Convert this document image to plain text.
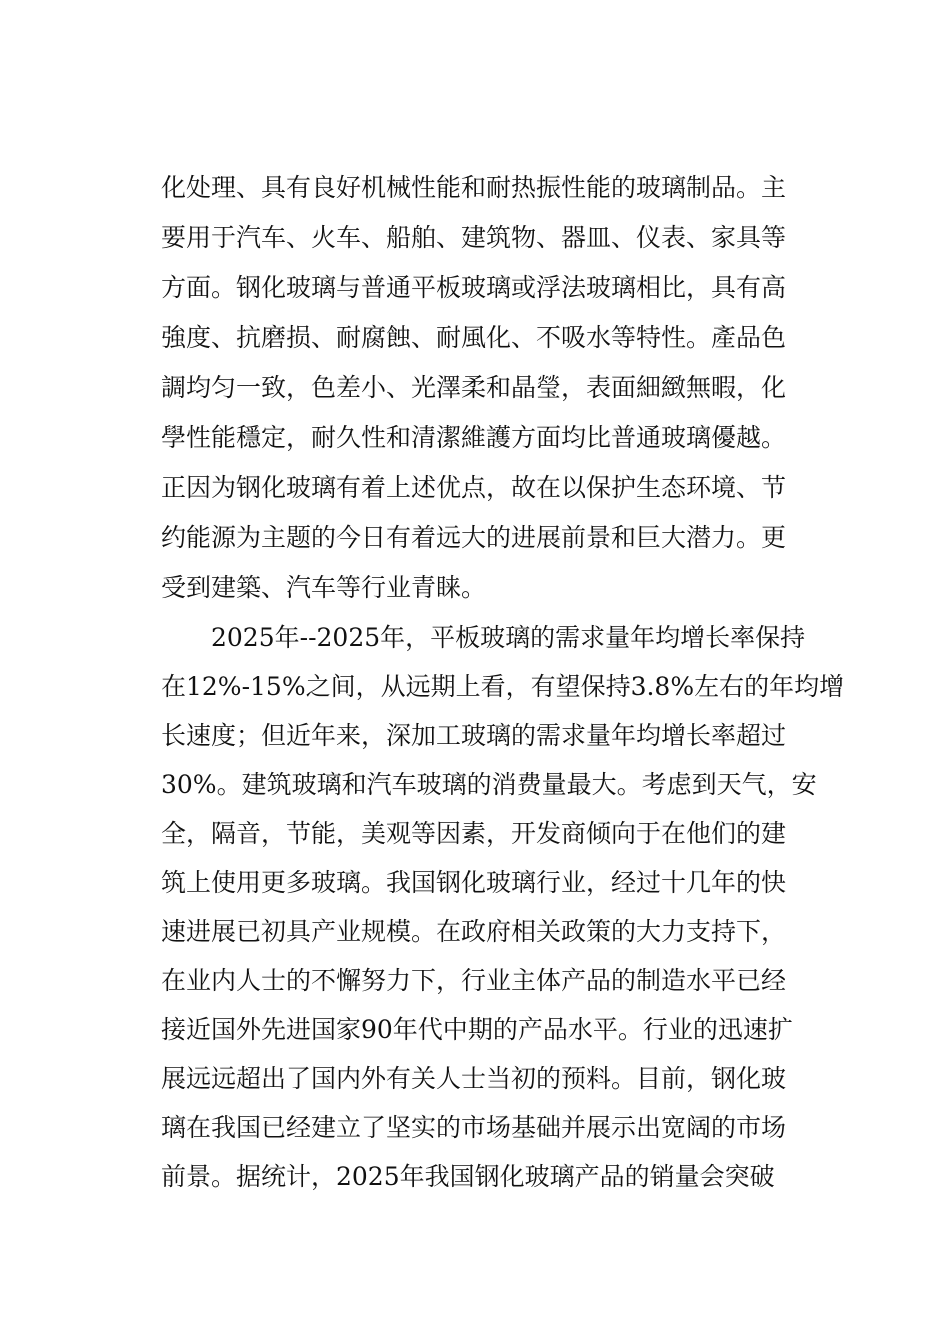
化处理、具有良好机械性能和耐热振性能的玻璃制品。主
要用于汽车、火车、船舶、建筑物、器皿、仪表、家具等
方面。钢化玻璃与普通平板玻璃或浮法玻璃相比，具有高
強度、抗磨损、耐腐蝕、耐風化、不吸水等特性。產品色
調均匀一致，色差小、光澤柔和晶瑩，表面細緻無暇，化
學性能穩定，耐久性和清潔維護方面均比普通玻璃優越。
正因为钢化玻璃有着上述优点，故在以保护生态环境、节
约能源为主题的今日有着远大的进展前景和巨大潜力。更
受到建築、汽车等行业青睐。
2025年--2025年，平板玻璃的需求量年均增长率保持
在12%-15%之间，从远期上看，有望保持3.8%左右的年均增
长速度；但近年来，深加工玻璃的需求量年均增长率超过
30%。建筑玻璃和汽车玻璃的消费量最大。考虑到天气，安
全，隔音，节能，美观等因素，开发商倾向于在他们的建
筑上使用更多玻璃。我国钢化玻璃行业，经过十几年的快
速进展已初具产业规模。在政府相关政策的大力支持下，
在业内人士的不懈努力下，行业主体产品的制造水平已经
接近国外先进国家90年代中期的产品水平。行业的迅速扩
展远远超出了国内外有关人士当初的预料。目前，钢化玻
璃在我国已经建立了坚实的市场基础并展示出宽阔的市场
前景。据统计，2025年我国钢化玻璃产品的销量会突破
